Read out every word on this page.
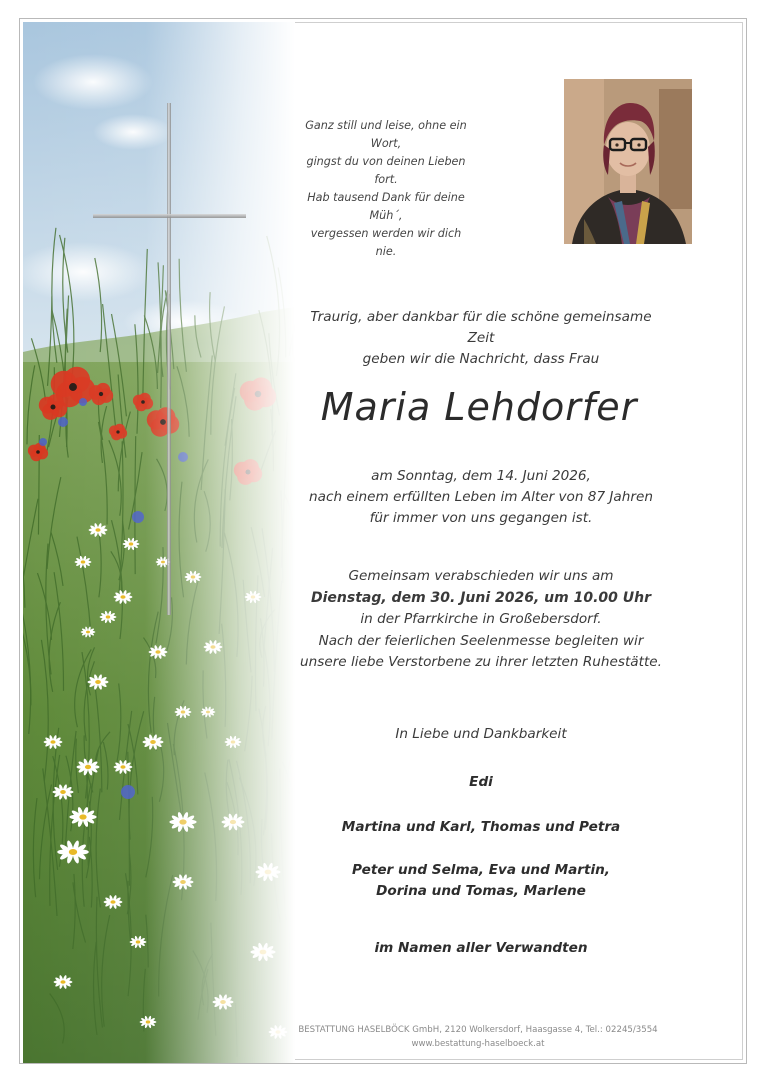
Ganz still und leise, ohne ein Wort,
gingst du von deinen Lieben fort.
Hab tausend Dank für deine Müh´,
vergessen werden wir dich nie.
Traurig, aber dankbar für die schöne gemeinsame Zeit
geben wir die Nachricht, dass Frau
Maria Lehdorfer
am Sonntag, dem 14. Juni 2026,
nach einem erfüllten Leben im Alter von 87 Jahren
für immer von uns gegangen ist.
Gemeinsam verabschieden wir uns am
Dienstag, dem 30. Juni 2026, um 10.00 Uhr
in der Pfarrkirche in Großebersdorf.
Nach der feierlichen Seelenmesse begleiten wir
unsere liebe Verstorbene zu ihrer letzten Ruhestätte.
In Liebe und Dankbarkeit
Edi
Martina und Karl, Thomas und Petra
Peter und Selma, Eva und Martin,
Dorina und Tomas, Marlene
im Namen aller Verwandten
BESTATTUNG HASELBÖCK GmbH, 2120 Wolkersdorf, Haasgasse 4, Tel.: 02245/3554
www.bestattung-haselboeck.at
